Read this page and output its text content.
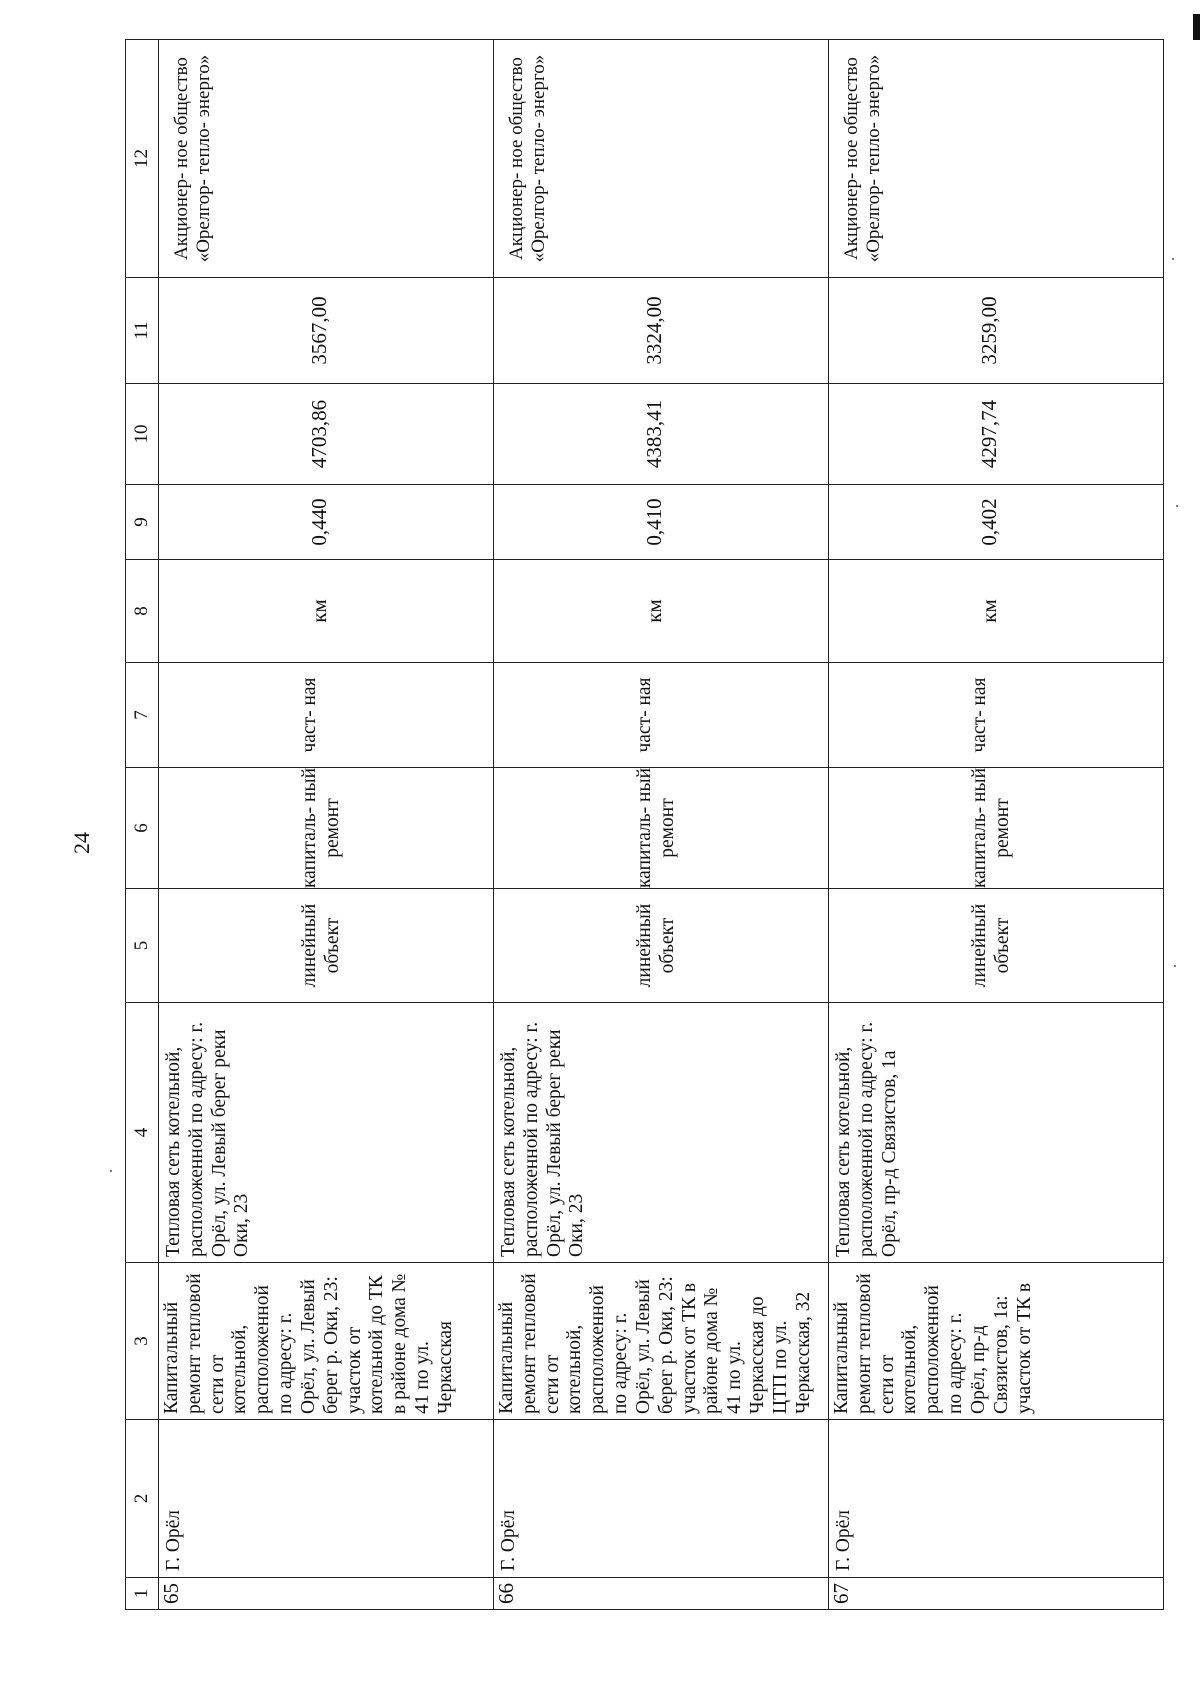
24
1	2	3	4	5	6	7	8	9	10	11	12
65	Г. Орёл	Капитальный ремонт тепловой сети от котельной, расположенной по адресу: г. Орёл, ул. Левый берег р. Оки, 23: участок от котельной до ТК в районе дома № 41 по ул. Черкасская	Тепловая сеть котельной, расположенной по адресу: г. Орёл, ул. Левый берег реки Оки, 23	линейный объект	капиталь- ный ремонт	част- ная	км	0,440	4703,86	3567,00	Акционер- ное общество «Орелгор- тепло- энерго»

66	Г. Орёл	Капитальный ремонт тепловой сети от котельной, расположенной по адресу: г. Орёл, ул. Левый берег р. Оки, 23: участок от ТК в районе дома № 41 по ул. Черкасская до ЦТП по ул. Черкасская, 32	Тепловая сеть котельной, расположенной по адресу: г. Орёл, ул. Левый берег реки Оки, 23	линейный объект	капиталь- ный ремонт	част- ная	км	0,410	4383,41	3324,00	Акционер- ное общество «Орелгор- тепло- энерго»

67	Г. Орёл	Капитальный ремонт тепловой сети от котельной, расположенной по адресу: г. Орёл, пр-д Связистов, 1а: участок от ТК в	Тепловая сеть котельной, расположенной по адресу: г. Орёл, пр-д Связистов, 1а	линейный объект	капиталь- ный ремонт	част- ная	км	0,402	4297,74	3259,00	Акционер- ное общество «Орелгор- тепло- энерго»
